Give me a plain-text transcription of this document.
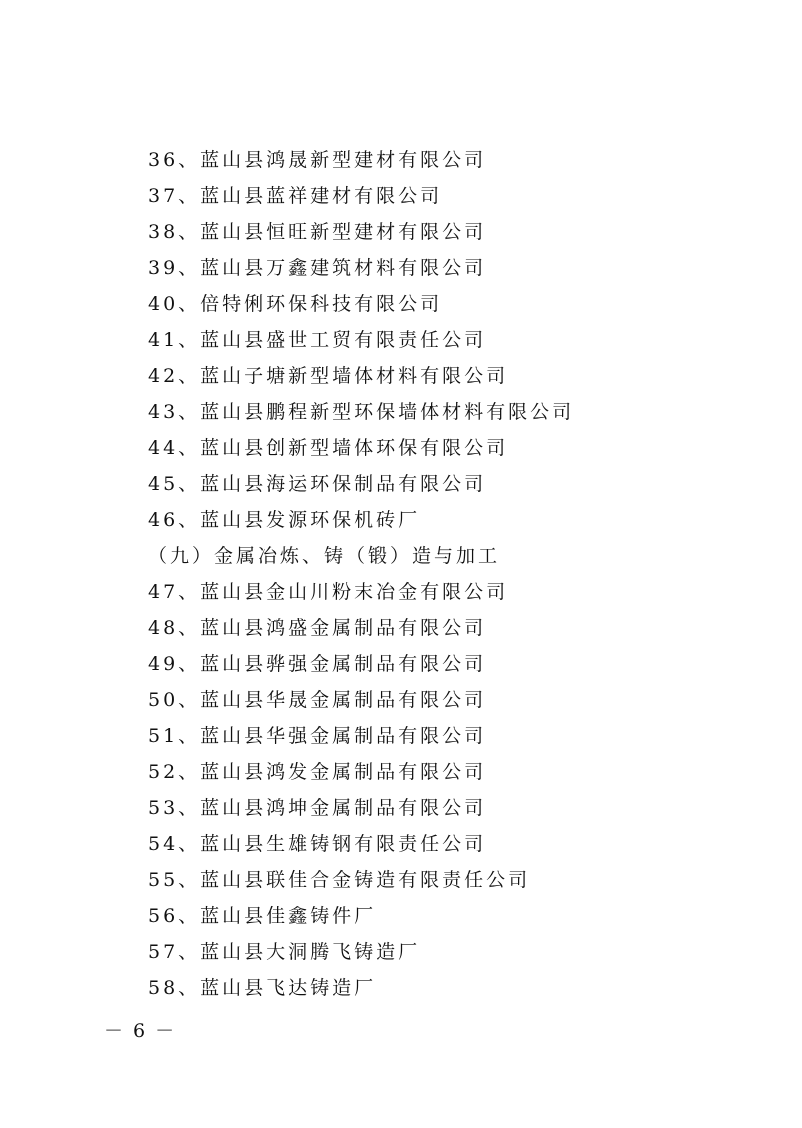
36、蓝山县鸿晟新型建材有限公司
37、蓝山县蓝祥建材有限公司
38、蓝山县恒旺新型建材有限公司
39、蓝山县万鑫建筑材料有限公司
40、倍特俐环保科技有限公司
41、蓝山县盛世工贸有限责任公司
42、蓝山子塘新型墙体材料有限公司
43、蓝山县鹏程新型环保墙体材料有限公司
44、蓝山县创新型墙体环保有限公司
45、蓝山县海运环保制品有限公司
46、蓝山县发源环保机砖厂
（九）金属冶炼、铸（锻）造与加工
47、蓝山县金山川粉末冶金有限公司
48、蓝山县鸿盛金属制品有限公司
49、蓝山县骅强金属制品有限公司
50、蓝山县华晟金属制品有限公司
51、蓝山县华强金属制品有限公司
52、蓝山县鸿发金属制品有限公司
53、蓝山县鸿坤金属制品有限公司
54、蓝山县生雄铸钢有限责任公司
55、蓝山县联佳合金铸造有限责任公司
56、蓝山县佳鑫铸件厂
57、蓝山县大洞腾飞铸造厂
58、蓝山县飞达铸造厂
－ 6 －
